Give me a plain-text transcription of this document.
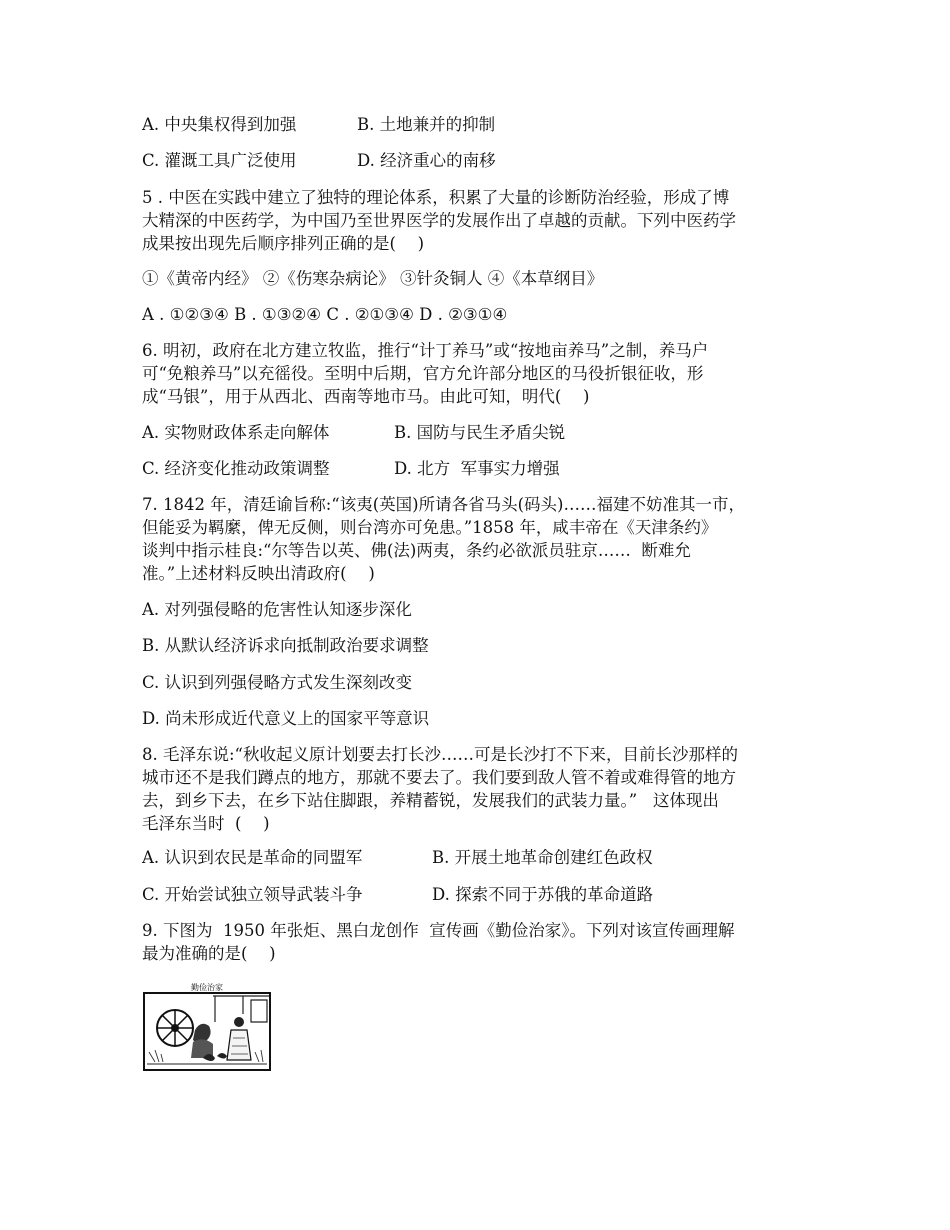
A. 中央集权得到加强	B. 土地兼并的抑制
C. 灌溉工具广泛使用	D. 经济重心的南移
5 . 中医在实践中建立了独特的理论体系，积累了大量的诊断防治经验，形成了博
大精深的中医药学，为中国乃至世界医学的发展作出了卓越的贡献。下列中医药学
成果按出现先后顺序排列正确的是(　 )
①《黄帝内经》 ②《伤寒杂病论》 ③针灸铜人 ④《本草纲目》
A . ①②③④ B . ①③②④ C . ②①③④ D . ②③①④
6. 明初，政府在北方建立牧监，推行“计丁养马”或“按地亩养马”之制，养马户
可“免粮养马”以充徭役。至明中后期，官方允许部分地区的马役折银征收，形
成“马银”，用于从西北、西南等地市马。由此可知，明代(　 )
A. 实物财政体系走向解体	B. 国防与民生矛盾尖锐
C. 经济变化推动政策调整	D. 北方  军事实力增强
7. 1842 年，清廷谕旨称:“该夷(英国)所请各省马头(码头)……福建不妨准其一市，
但能妥为羁縻，俾无反侧，则台湾亦可免患。”1858 年，咸丰帝在《天津条约》
谈判中指示桂良:“尔等告以英、佛(法)两夷，条约必欲派员驻京……  断难允
准。”上述材料反映出清政府(　 )
A. 对列强侵略的危害性认知逐步深化
B. 从默认经济诉求向抵制政治要求调整
C. 认识到列强侵略方式发生深刻改变
D. 尚未形成近代意义上的国家平等意识
8. 毛泽东说:“秋收起义原计划要去打长沙……可是长沙打不下来，目前长沙那样的
城市还不是我们蹲点的地方，那就不要去了。我们要到敌人管不着或难得管的地方
去，到乡下去，在乡下站住脚跟，养精蓄锐，发展我们的武装力量。”   这体现出
毛泽东当时  (　 )
A. 认识到农民是革命的同盟军	B. 开展土地革命创建红色政权
C. 开始尝试独立领导武装斗争	D. 探索不同于苏俄的革命道路
9. 下图为  1950 年张炬、黑白龙创作  宣传画《勤俭治家》。下列对该宣传画理解
最为准确的是(　 )
勤俭治家
